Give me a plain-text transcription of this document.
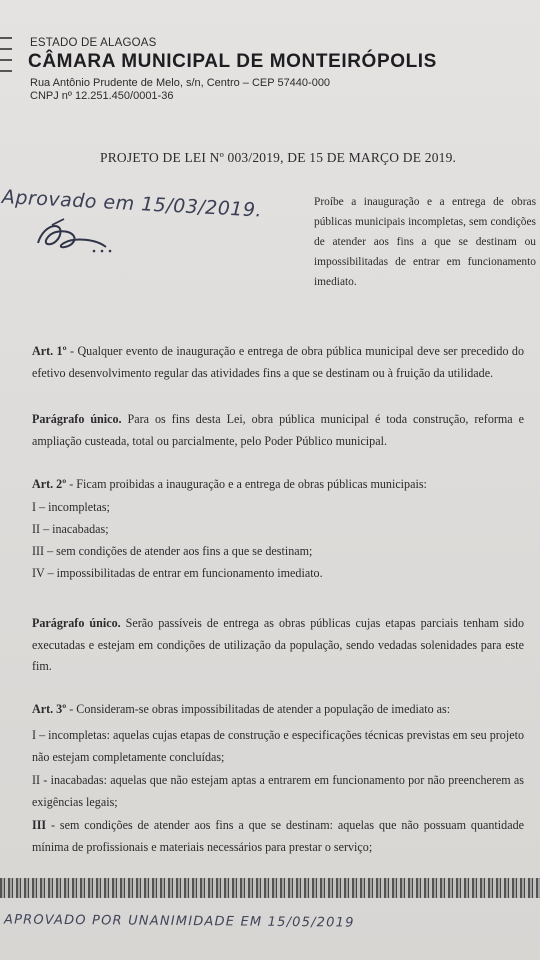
ESTADO DE ALAGOAS
CÂMARA MUNICIPAL DE MONTEIRÓPOLIS
Rua Antônio Prudente de Melo, s/n, Centro – CEP 57440-000
CNPJ nº 12.251.450/0001-36
PROJETO DE LEI Nº 003/2019, DE 15 DE MARÇO DE 2019.
Aprovado em 15/03/2019.	Proíbe a inauguração e a entrega de obras públicas municipais incompletas, sem condições de atender aos fins a que se destinam ou impossibilitadas de entrar em funcionamento imediato.
Art. 1º - Qualquer evento de inauguração e entrega de obra pública municipal deve ser precedido do efetivo desenvolvimento regular das atividades fins a que se destinam ou à fruição da utilidade.
Parágrafo único. Para os fins desta Lei, obra pública municipal é toda construção, reforma e ampliação custeada, total ou parcialmente, pelo Poder Público municipal.
Art. 2º - Ficam proibidas a inauguração e a entrega de obras públicas municipais:
I – incompletas;
II – inacabadas;
III – sem condições de atender aos fins a que se destinam;
IV – impossibilitadas de entrar em funcionamento imediato.
Parágrafo único. Serão passíveis de entrega as obras públicas cujas etapas parciais tenham sido executadas e estejam em condições de utilização da população, sendo vedadas solenidades para este fim.
Art. 3º - Consideram-se obras impossibilitadas de atender a população de imediato as:
I – incompletas: aquelas cujas etapas de construção e especificações técnicas previstas em seu projeto não estejam completamente concluídas;
II - inacabadas: aquelas que não estejam aptas a entrarem em funcionamento por não preencherem as exigências legais;
III - sem condições de atender aos fins a que se destinam: aquelas que não possuam quantidade mínima de profissionais e materiais necessários para prestar o serviço;
APROVADO POR UNANIMIDADE EM 15/05/2019
